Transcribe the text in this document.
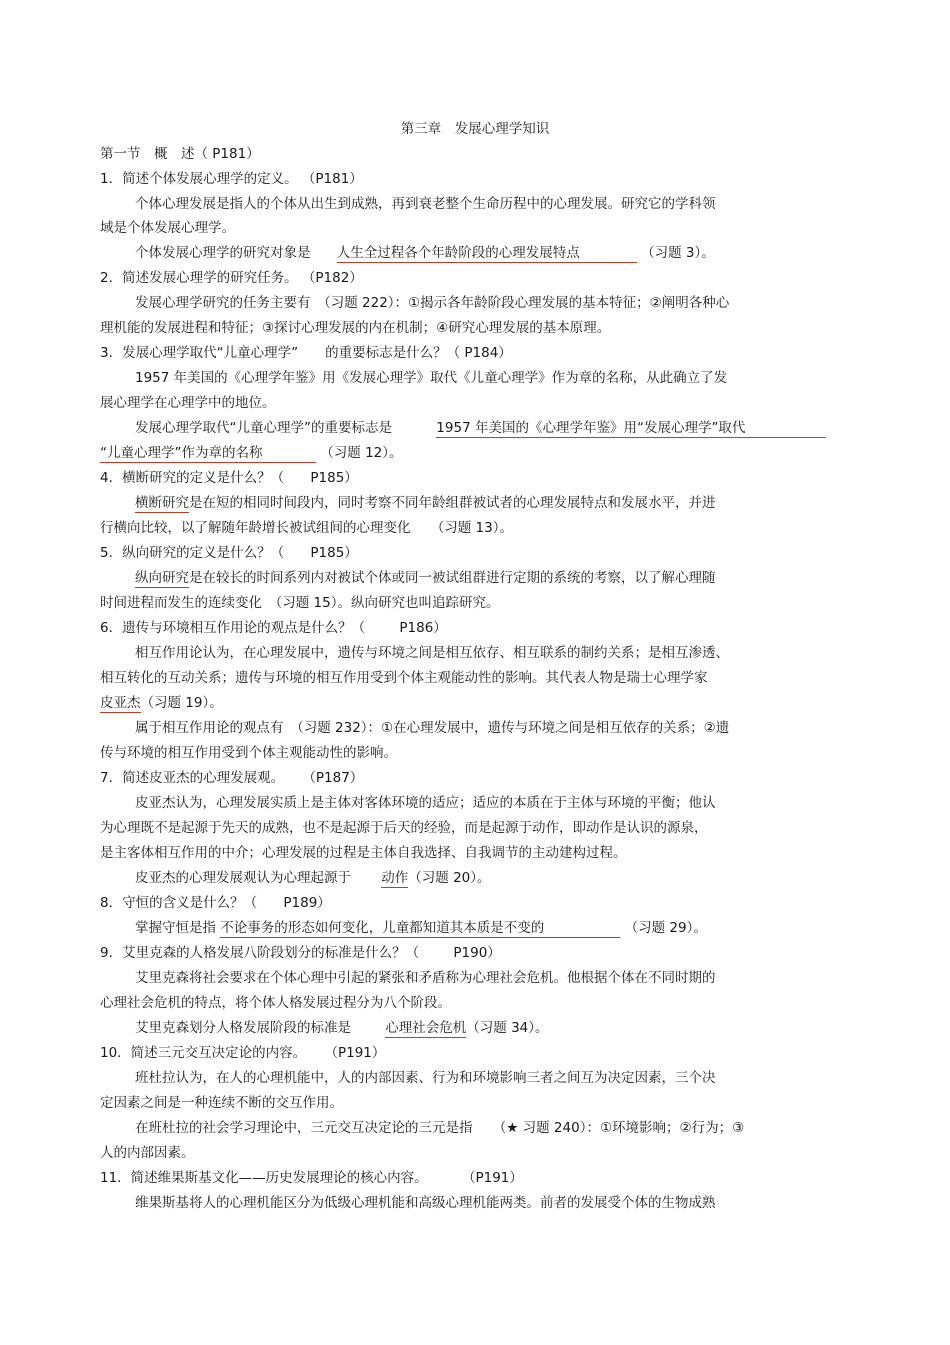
第三章　发展心理学知识
第一节　概　述（ P181）
1．简述个体发展心理学的定义。 （P181）
个体心理发展是指人的个体从出生到成熟，再到衰老整个生命历程中的心理发展。研究它的学科领
域是个体发展心理学。
个体发展心理学的研究对象是 人生全过程各个年龄阶段的心理发展特点	（习题 3）。
2．简述发展心理学的研究任务。 （P182）
发展心理学研究的任务主要有　（习题 222）：①揭示各年龄阶段心理发展的基本特征；②阐明各种心
理机能的发展进程和特征；③探讨心理发展的内在机制；④研究心理发展的基本原理。
3．发展心理学取代“儿童心理学”　　的重要标志是什么？（ P184）
1957 年美国的《心理学年鉴》用《发展心理学》取代《儿童心理学》作为章的名称，从此确立了发
展心理学在心理学中的地位。
发展心理学取代“儿童心理学”的重要标志是	1957 年美国的《心理学年鉴》用“发展心理学”取代
“儿童心理学”作为章的名称	（习题 12）。
4．横断研究的定义是什么？（ P185）
横断研究是在短的相同时间段内，同时考察不同年龄组群被试者的心理发展特点和发展水平，并进
行横向比较，以了解随年龄增长被试组间的心理变化　　（习题 13）。
5．纵向研究的定义是什么？（ P185）
纵向研究是在较长的时间系列内对被试个体或同一被试组群进行定期的系统的考察，以了解心理随
时间进程而发生的连续变化　（习题 15）。纵向研究也叫追踪研究。
6．遗传与环境相互作用论的观点是什么？（	P186）
相互作用论认为，在心理发展中，遗传与环境之间是相互依存、相互联系的制约关系；是相互渗透、
相互转化的互动关系；遗传与环境的相互作用受到个体主观能动性的影响。其代表人物是瑞士心理学家
皮亚杰（习题 19）。
属于相互作用论的观点有　（习题 232）：①在心理发展中，遗传与环境之间是相互依存的关系；②遗
传与环境的相互作用受到个体主观能动性的影响。
7．简述皮亚杰的心理发展观。 （P187）
皮亚杰认为，心理发展实质上是主体对客体环境的适应；适应的本质在于主体与环境的平衡；他认
为心理既不是起源于先天的成熟，也不是起源于后天的经验，而是起源于动作，即动作是认识的源泉，
是主客体相互作用的中介；心理发展的过程是主体自我选择、自我调节的主动建构过程。
皮亚杰的心理发展观认为心理起源于 动作（习题 20）。
8．守恒的含义是什么？（ P189）
掌握守恒是指 不论事务的形态如何变化，儿童都知道其本质是不变的	（习题 29）。
9．艾里克森的人格发展八阶段划分的标准是什么？（	P190）
艾里克森将社会要求在个体心理中引起的紧张和矛盾称为心理社会危机。他根据个体在不同时期的
心理社会危机的特点，将个体人格发展过程分为八个阶段。
艾里克森划分人格发展阶段的标准是	心理社会危机（习题 34）。
10．简述三元交互决定论的内容。 （P191）
班杜拉认为，在人的心理机能中，人的内部因素、行为和环境影响三者之间互为决定因素，三个决
定因素之间是一种连续不断的交互作用。
在班杜拉的社会学习理论中，三元交互决定论的三元是指　　（★ 习题 240）：①环境影响；②行为；③
人的内部因素。
11．简述维果斯基文化——历史发展理论的核心内容。	（P191）
维果斯基将人的心理机能区分为低级心理机能和高级心理机能两类。前者的发展受个体的生物成熟
